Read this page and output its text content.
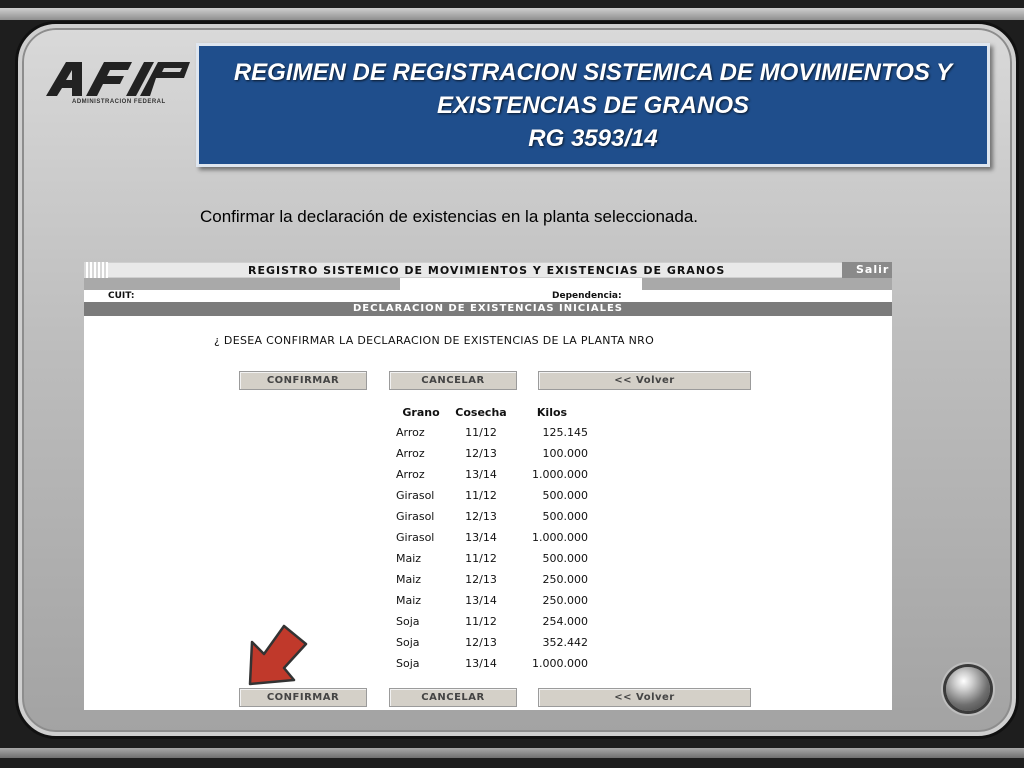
ADMINISTRACION FEDERAL
REGIMEN DE REGISTRACION SISTEMICA DE MOVIMIENTOS Y
EXISTENCIAS DE GRANOS
RG 3593/14
Confirmar la declaración de existencias en la planta seleccionada.
REGISTRO SISTEMICO DE MOVIMIENTOS Y EXISTENCIAS DE GRANOS	Salir
CUIT:	Dependencia:
DECLARACION DE EXISTENCIAS INICIALES
¿ DESEA CONFIRMAR LA DECLARACION DE EXISTENCIAS DE LA PLANTA NRO
CONFIRMAR	CANCELAR	<< Volver
Grano	Cosecha	Kilos
Arroz	11/12	125.145
Arroz	12/13	100.000
Arroz	13/14	1.000.000
Girasol	11/12	500.000
Girasol	12/13	500.000
Girasol	13/14	1.000.000
Maiz	11/12	500.000
Maiz	12/13	250.000
Maiz	13/14	250.000
Soja	11/12	254.000
Soja	12/13	352.442
Soja	13/14	1.000.000
CONFIRMAR	CANCELAR	<< Volver
